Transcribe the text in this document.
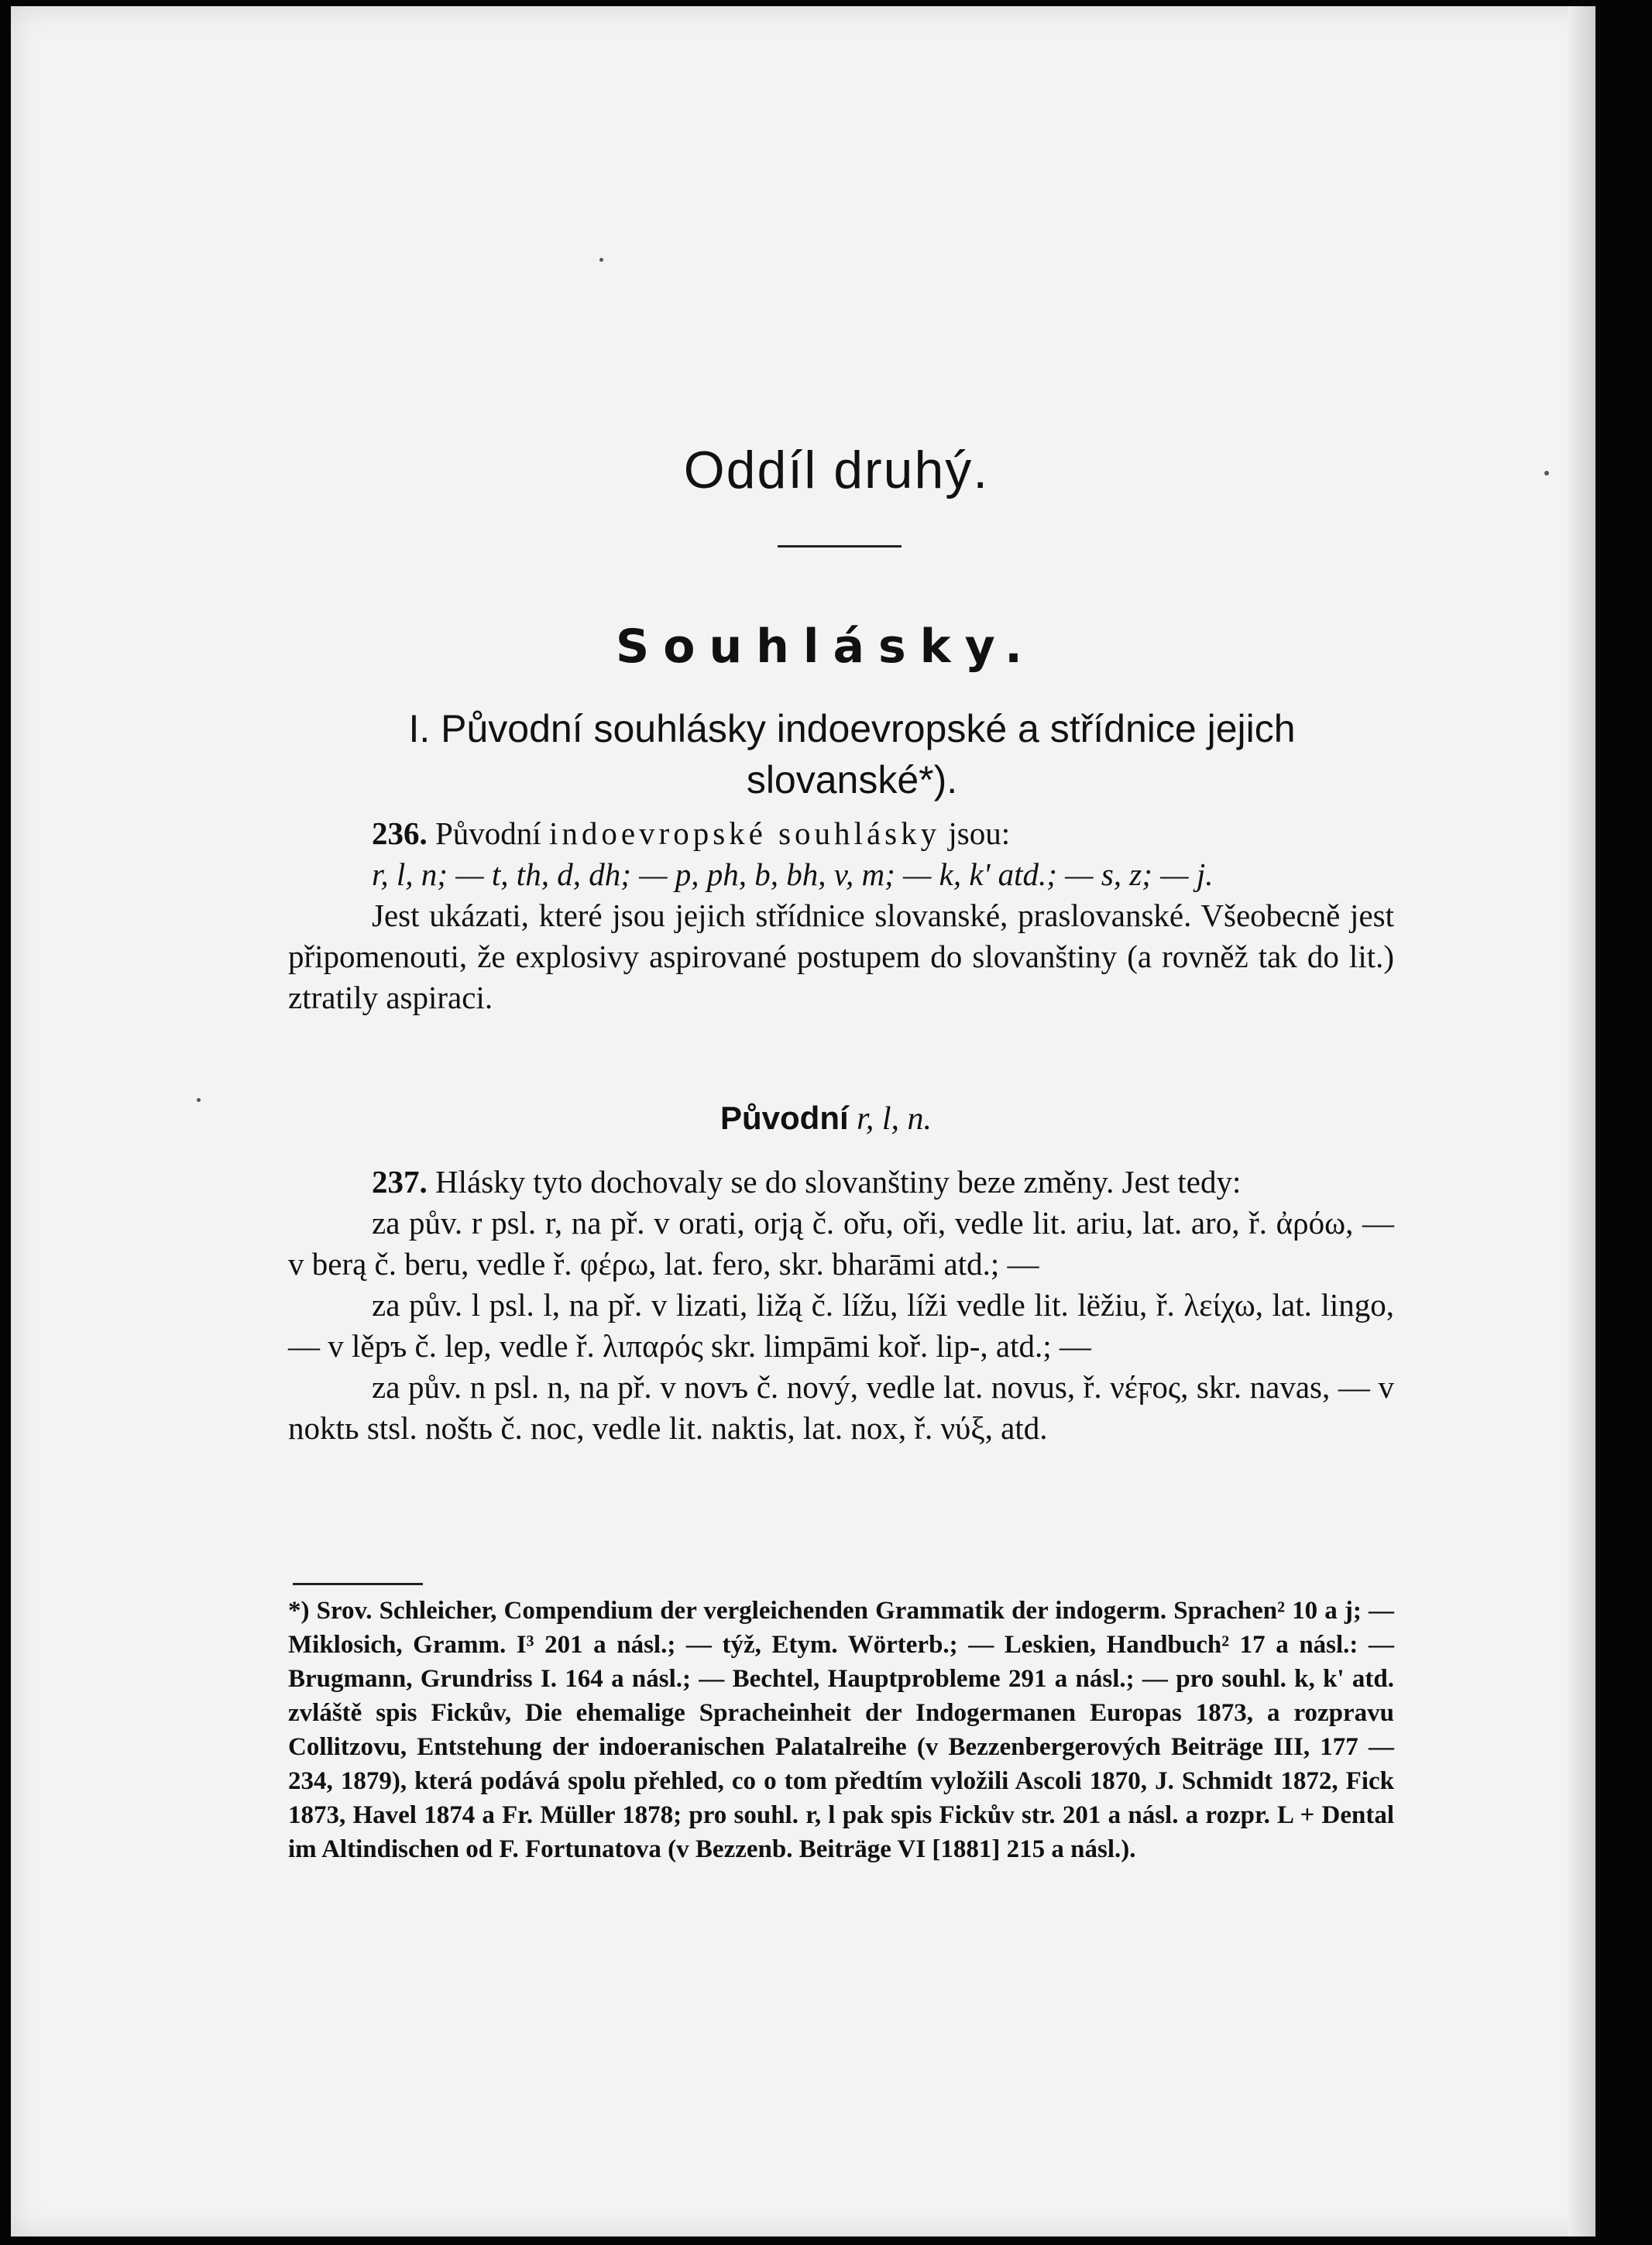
Oddíl druhý.
Souhlásky.
I. Původní souhlásky indoevropské a střídnice jejich slovanské*).

236. Původní indoevropské souhlásky jsou:

r, l, n; — t, th, d, dh; — p, ph, b, bh, v, m; — k, k' atd.; — s, z; — j.

Jest ukázati, které jsou jejich střídnice slovanské, praslovanské. Všeobecně jest připomenouti, že explosivy aspirované postupem do slovanštiny (a rovněž tak do lit.) ztratily aspiraci.

Původní r, l, n.

237. Hlásky tyto dochovaly se do slovanštiny beze změny. Jest tedy:

za pův. r psl. r, na př. v orati, orją č. ořu, oři, vedle lit. ariu, lat. aro, ř. ἀρόω, — v berą č. beru, vedle ř. φέρω, lat. fero, skr. bharāmi atd.; —

za pův. l psl. l, na př. v lizati, ližą č. lížu, líži vedle lit. lëžiu, ř. λείχω, lat. lingo, — v lěpъ č. lep, vedle ř. λιπαρός skr. limpāmi koř. lip-, atd.; —

za pův. n psl. n, na př. v novъ č. nový, vedle lat. novus, ř. νέϝος, skr. navas, — v noktь stsl. noštь č. noc, vedle lit. naktis, lat. nox, ř. νύξ, atd.

*) Srov. Schleicher, Compendium der vergleichenden Grammatik der indogerm. Sprachen² 10 a j; — Miklosich, Gramm. I³ 201 a násl.; — týž, Etym. Wörterb.; — Leskien, Handbuch² 17 a násl.: — Brugmann, Grundriss I. 164 a násl.; — Bechtel, Hauptprobleme 291 a násl.; — pro souhl. k, k' atd. zvláště spis Fickův, Die ehemalige Spracheinheit der Indogermanen Europas 1873, a rozpravu Collitzovu, Entstehung der indoeranischen Palatalreihe (v Bezzenbergerových Beiträge III, 177 — 234, 1879), která podává spolu přehled, co o tom předtím vyložili Ascoli 1870, J. Schmidt 1872, Fick 1873, Havel 1874 a Fr. Müller 1878; pro souhl. r, l pak spis Fickův str. 201 a násl. a rozpr. L + Dental im Altindischen od F. Fortunatova (v Bezzenb. Beiträge VI [1881] 215 a násl.).
